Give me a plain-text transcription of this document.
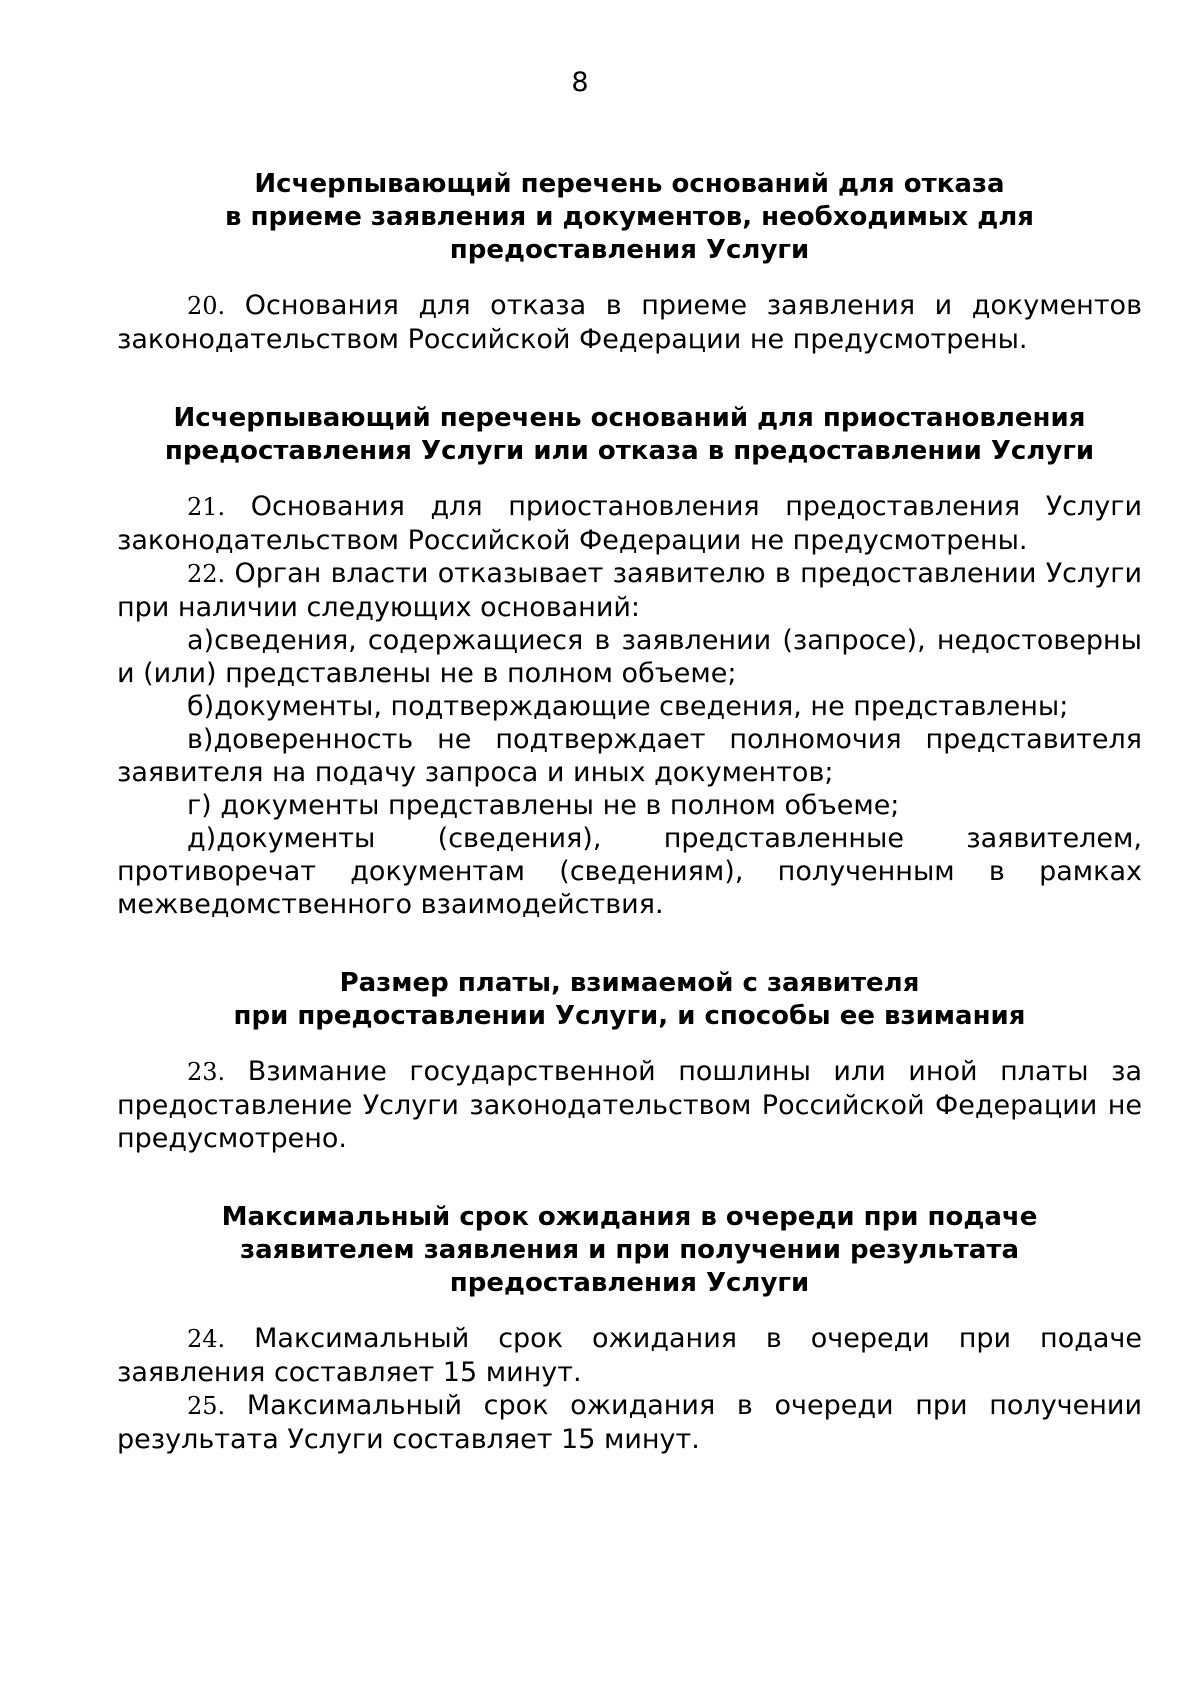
8
Исчерпывающий перечень оснований для отказа
в приеме заявления и документов, необходимых для
предоставления Услуги

20. Основания для отказа в приеме заявления и документов законодательством Российской Федерации не предусмотрены.

Исчерпывающий перечень оснований для приостановления
предоставления Услуги или отказа в предоставлении Услуги

21. Основания для приостановления предоставления Услуги законодательством Российской Федерации не предусмотрены.

22. Орган власти отказывает заявителю в предоставлении Услуги при наличии следующих оснований:

а)сведения, содержащиеся в заявлении (запросе), недостоверны и (или) представлены не в полном объеме;

б)документы, подтверждающие сведения, не представлены;

в)доверенность не подтверждает полномочия представителя заявителя на подачу запроса и иных документов;

г) документы представлены не в полном объеме;

д)документы (сведения), представленные заявителем, противоречат документам (сведениям), полученным в рамках межведомственного взаимодействия.

Размер платы, взимаемой с заявителя
при предоставлении Услуги, и способы ее взимания

23. Взимание государственной пошлины или иной платы за предоставление Услуги законодательством Российской Федерации не предусмотрено.

Максимальный срок ожидания в очереди при подаче
заявителем заявления и при получении результата
предоставления Услуги

24. Максимальный срок ожидания в очереди при подаче заявления составляет 15 минут.

25. Максимальный срок ожидания в очереди при получении результата Услуги составляет 15 минут.
